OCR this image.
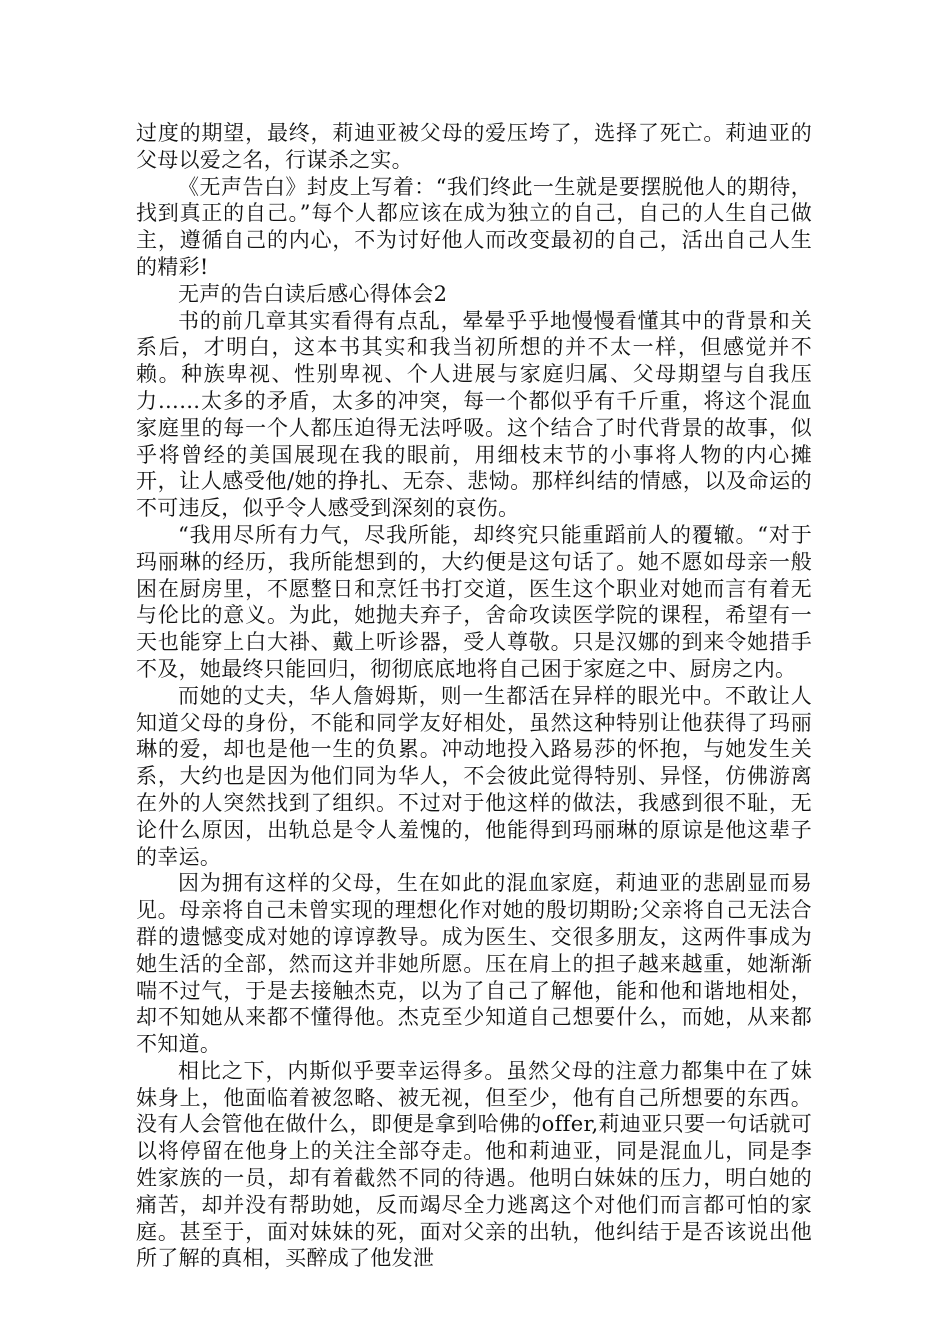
过度的期望，最终，莉迪亚被父母的爱压垮了，选择了死亡。莉迪亚的父母以爱之名，行谋杀之实。

《无声告白》封皮上写着：“我们终此一生就是要摆脱他人的期待，找到真正的自己。”每个人都应该在成为独立的自己，自己的人生自己做主，遵循自己的内心，不为讨好他人而改变最初的自己，活出自己人生的精彩!

无声的告白读后感心得体会2

书的前几章其实看得有点乱，晕晕乎乎地慢慢看懂其中的背景和关系后，才明白，这本书其实和我当初所想的并不太一样，但感觉并不赖。种族卑视、性别卑视、个人进展与家庭归属、父母期望与自我压力……太多的矛盾，太多的冲突，每一个都似乎有千斤重，将这个混血家庭里的每一个人都压迫得无法呼吸。这个结合了时代背景的故事，似乎将曾经的美国展现在我的眼前，用细枝末节的小事将人物的内心摊开，让人感受他/她的挣扎、无奈、悲恸。那样纠结的情感，以及命运的不可违反，似乎令人感受到深刻的哀伤。

“我用尽所有力气，尽我所能，却终究只能重蹈前人的覆辙。“对于玛丽琳的经历，我所能想到的，大约便是这句话了。她不愿如母亲一般困在厨房里，不愿整日和烹饪书打交道，医生这个职业对她而言有着无与伦比的意义。为此，她抛夫弃子，舍命攻读医学院的课程，希望有一天也能穿上白大褂、戴上听诊器，受人尊敬。只是汉娜的到来令她措手不及，她最终只能回归，彻彻底底地将自己困于家庭之中、厨房之内。

而她的丈夫，华人詹姆斯，则一生都活在异样的眼光中。不敢让人知道父母的身份，不能和同学友好相处，虽然这种特别让他获得了玛丽琳的爱，却也是他一生的负累。冲动地投入路易莎的怀抱，与她发生关系，大约也是因为他们同为华人，不会彼此觉得特别、异怪，仿佛游离在外的人突然找到了组织。不过对于他这样的做法，我感到很不耻，无论什么原因，出轨总是令人羞愧的，他能得到玛丽琳的原谅是他这辈子的幸运。

因为拥有这样的父母，生在如此的混血家庭，莉迪亚的悲剧显而易见。母亲将自己未曾实现的理想化作对她的殷切期盼;父亲将自己无法合群的遗憾变成对她的谆谆教导。成为医生、交很多朋友，这两件事成为她生活的全部，然而这并非她所愿。压在肩上的担子越来越重，她渐渐喘不过气，于是去接触杰克，以为了自己了解他，能和他和谐地相处，却不知她从来都不懂得他。杰克至少知道自己想要什么，而她，从来都不知道。

相比之下，内斯似乎要幸运得多。虽然父母的注意力都集中在了妹妹身上，他面临着被忽略、被无视，但至少，他有自己所想要的东西。没有人会管他在做什么，即便是拿到哈佛的offer,莉迪亚只要一句话就可以将停留在他身上的关注全部夺走。他和莉迪亚，同是混血儿，同是李姓家族的一员，却有着截然不同的待遇。他明白妹妹的压力，明白她的痛苦，却并没有帮助她，反而竭尽全力逃离这个对他们而言都可怕的家庭。甚至于，面对妹妹的死，面对父亲的出轨，他纠结于是否该说出他所了解的真相，买醉成了他发泄
